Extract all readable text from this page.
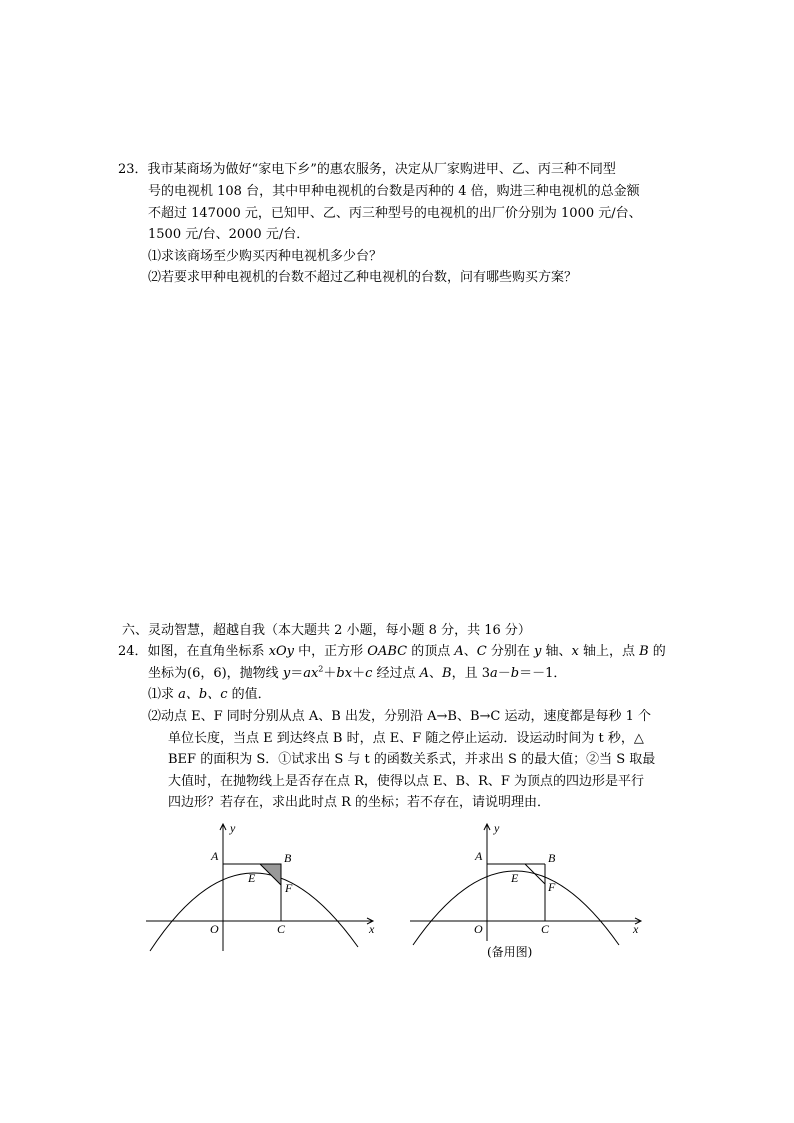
23．我市某商场为做好“家电下乡”的惠农服务，决定从厂家购进甲、乙、丙三种不同型
号的电视机 108 台，其中甲种电视机的台数是丙种的 4 倍，购进三种电视机的总金额
不超过 147000 元，已知甲、乙、丙三种型号的电视机的出厂价分别为 1000 元/台、
1500 元/台、2000 元/台．
⑴求该商场至少购买丙种电视机多少台？
⑵若要求甲种电视机的台数不超过乙种电视机的台数，问有哪些购买方案？
六、灵动智慧，超越自我（本大题共 2 小题，每小题 8 分，共 16 分）
24．如图，在直角坐标系 xOy 中，正方形 OABC 的顶点 A、C 分别在 y 轴、x 轴上，点 B 的
坐标为(6，6)，抛物线 $y=ax^2+bx+c$ 经过点 A、B，且 3a－b＝－1．
⑴求 a、b、c 的值．
⑵动点 E、F 同时分别从点 A、B 出发，分别沿 A→B、B→C 运动，速度都是每秒 1 个
单位长度，当点 E 到达终点 B 时，点 E、F 随之停止运动．设运动时间为 t 秒，△
BEF 的面积为 S．①试求出 S 与 t 的函数关系式，并求出 S 的最大值；②当 S 取最
大值时，在抛物线上是否存在点 R，使得以点 E、B、R、F 为顶点的四边形是平行
四边形？若存在，求出此时点 R 的坐标；若不存在，请说明理由．
y
A	B
E
F
O	C	x
y
A	B
E
F
O	C	x
(备用图)
